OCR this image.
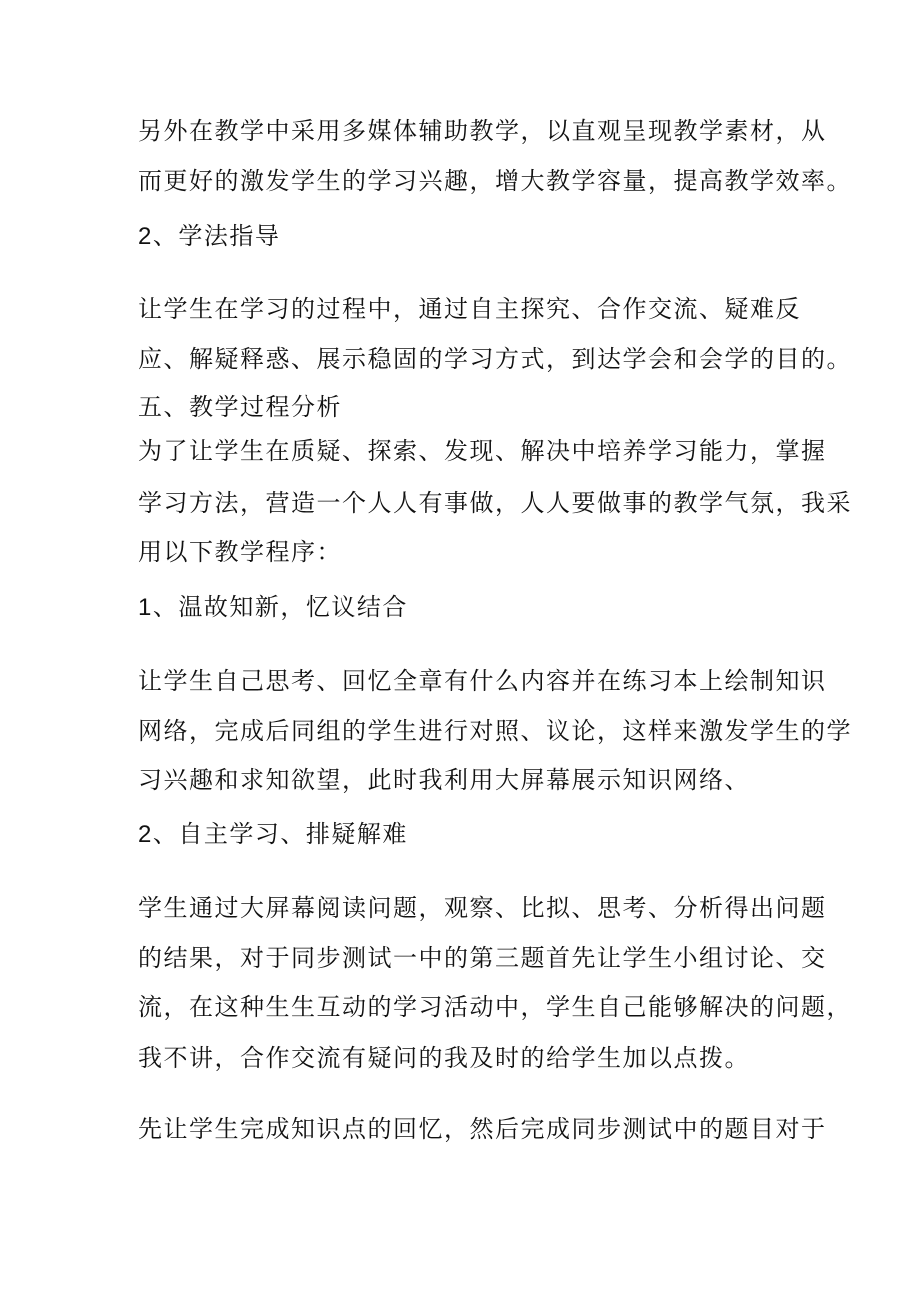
另外在教学中采用多媒体辅助教学，以直观呈现教学素材，从
而更好的激发学生的学习兴趣，增大教学容量，提高教学效率。
2、学法指导
让学生在学习的过程中，通过自主探究、合作交流、疑难反
应、解疑释惑、展示稳固的学习方式，到达学会和会学的目的。
五、教学过程分析
为了让学生在质疑、探索、发现、解决中培养学习能力，掌握
学习方法，营造一个人人有事做，人人要做事的教学气氛，我采
用以下教学程序：
1、温故知新，忆议结合
让学生自己思考、回忆全章有什么内容并在练习本上绘制知识
网络，完成后同组的学生进行对照、议论，这样来激发学生的学
习兴趣和求知欲望，此时我利用大屏幕展示知识网络、
2、自主学习、排疑解难
学生通过大屏幕阅读问题，观察、比拟、思考、分析得出问题
的结果，对于同步测试一中的第三题首先让学生小组讨论、交
流，在这种生生互动的学习活动中，学生自己能够解决的问题，
我不讲，合作交流有疑问的我及时的给学生加以点拨。
先让学生完成知识点的回忆，然后完成同步测试中的题目对于
